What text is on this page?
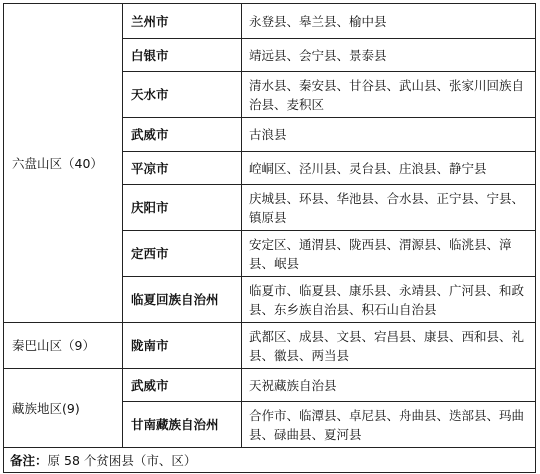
六盘山区（40）	兰州市	永登县、皋兰县、榆中县
	白银市	靖远县、会宁县、景泰县
	天水市	清水县、秦安县、甘谷县、武山县、张家川回族自治县、麦积区
	武威市	古浪县
	平凉市	崆峒区、泾川县、灵台县、庄浪县、静宁县
	庆阳市	庆城县、环县、华池县、合水县、正宁县、宁县、镇原县
	定西市	安定区、通渭县、陇西县、渭源县、临洮县、漳县、岷县
	临夏回族自治州	临夏市、临夏县、康乐县、永靖县、广河县、和政县、东乡族自治县、积石山自治县
秦巴山区（9）	陇南市	武都区、成县、文县、宕昌县、康县、西和县、礼县、徽县、两当县
藏族地区(9)	武威市	天祝藏族自治县
	甘南藏族自治州	合作市、临潭县、卓尼县、舟曲县、迭部县、玛曲县、碌曲县、夏河县
备注：原 58 个贫困县（市、区）		
